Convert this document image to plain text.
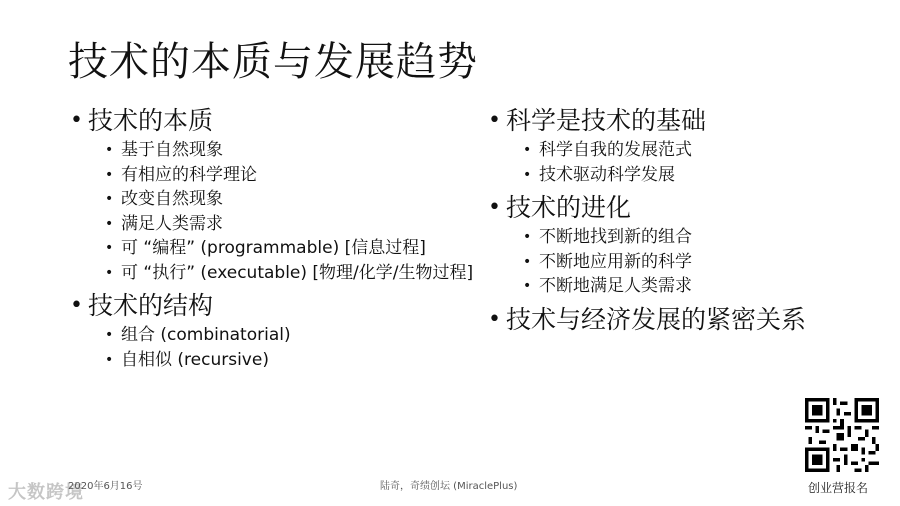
技术的本质与发展趋势
• 技术的本质
• 基于自然现象
• 有相应的科学理论
• 改变自然现象
• 满足人类需求
• 可 “编程” (programmable) [信息过程]
• 可 “执行” (executable) [物理/化学/生物过程]
• 技术的结构
• 组合 (combinatorial)
• 自相似 (recursive)
• 科学是技术的基础
• 科学自我的发展范式
• 技术驱动科学发展
• 技术的进化
• 不断地找到新的组合
• 不断地应用新的科学
• 不断地满足人类需求
• 技术与经济发展的紧密关系
大数跨境
2020年6月16号	陆奇，奇绩创坛 (MiraclePlus)	创业营报名
